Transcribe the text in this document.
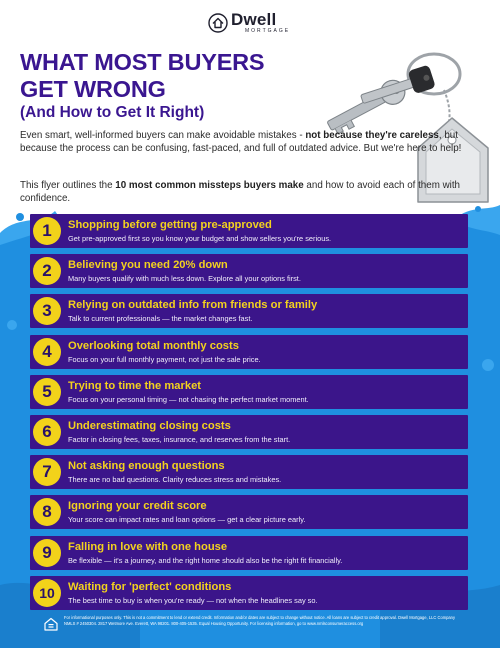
Dwell
MORTGAGE
WHAT MOST BUYERS
GET WRONG
(And How to Get It Right)

Even smart, well-informed buyers can make avoidable mistakes - not because they're careless, but because the process can be confusing, fast-paced, and full of outdated advice. But we're here to help!

This flyer outlines the 10 most common missteps buyers make and how to avoid each of them with confidence.

1	Shopping before getting pre-approved
Get pre-approved first so you know your budget and show sellers you're serious.
2	Believing you need 20% down
Many buyers qualify with much less down. Explore all your options first.
3	Relying on outdated info from friends or family
Talk to current professionals — the market changes fast.
4	Overlooking total monthly costs
Focus on your full monthly payment, not just the sale price.
5	Trying to time the market
Focus on your personal timing — not chasing the perfect market moment.
6	Underestimating closing costs
Factor in closing fees, taxes, insurance, and reserves from the start.
7	Not asking enough questions
There are no bad questions. Clarity reduces stress and mistakes.
8	Ignoring your credit score
Your score can impact rates and loan options — get a clear picture early.
9	Falling in love with one house
Be flexible — it's a journey, and the right home should also be the right fit financially.
10	Waiting for 'perfect' conditions
The best time to buy is when you're ready — not when the headlines say so.

For informational purposes only. This is not a commitment to lend or extend credit. Information and/or dates are subject to change without notice. All loans are subject to credit approval. Dwell Mortgage, LLC Company NMLS # 2450304. 2817 Wetmore Ave. Everett, WA 98201. 800-405-1535. Equal Housing Opportunity. For licensing information, go to www.nmlsconsumeraccess.org
